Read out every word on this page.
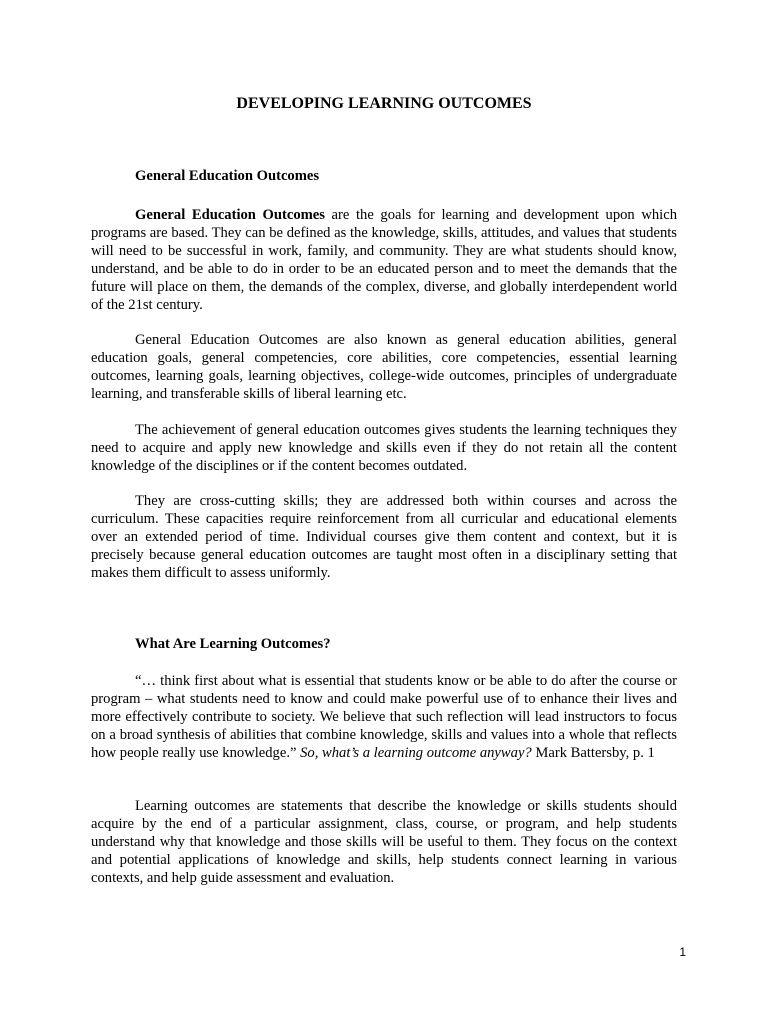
DEVELOPING LEARNING OUTCOMES
General Education Outcomes

General Education Outcomes are the goals for learning and development upon which programs are based. They can be defined as the knowledge, skills, attitudes, and values that students will need to be successful in work, family, and community. They are what students should know, understand, and be able to do in order to be an educated person and to meet the demands that the future will place on them, the demands of the complex, diverse, and globally interdependent world of the 21st century.

General Education Outcomes are also known as general education abilities, general education goals, general competencies, core abilities, core competencies, essential learning outcomes, learning goals, learning objectives, college-wide outcomes, principles of undergraduate learning, and transferable skills of liberal learning etc.

The achievement of general education outcomes gives students the learning techniques they need to acquire and apply new knowledge and skills even if they do not retain all the content knowledge of the disciplines or if the content becomes outdated.

They are cross-cutting skills; they are addressed both within courses and across the curriculum. These capacities require reinforcement from all curricular and educational elements over an extended period of time. Individual courses give them content and context, but it is precisely because general education outcomes are taught most often in a disciplinary setting that makes them difficult to assess uniformly.

What Are Learning Outcomes?

“… think first about what is essential that students know or be able to do after the course or program – what students need to know and could make powerful use of to enhance their lives and more effectively contribute to society. We believe that such reflection will lead instructors to focus on a broad synthesis of abilities that combine knowledge, skills and values into a whole that reflects how people really use knowledge.” So, what’s a learning outcome anyway? Mark Battersby, p. 1

Learning outcomes are statements that describe the knowledge or skills students should acquire by the end of a particular assignment, class, course, or program, and help students understand why that knowledge and those skills will be useful to them. They focus on the context and potential applications of knowledge and skills, help students connect learning in various contexts, and help guide assessment and evaluation.

1
